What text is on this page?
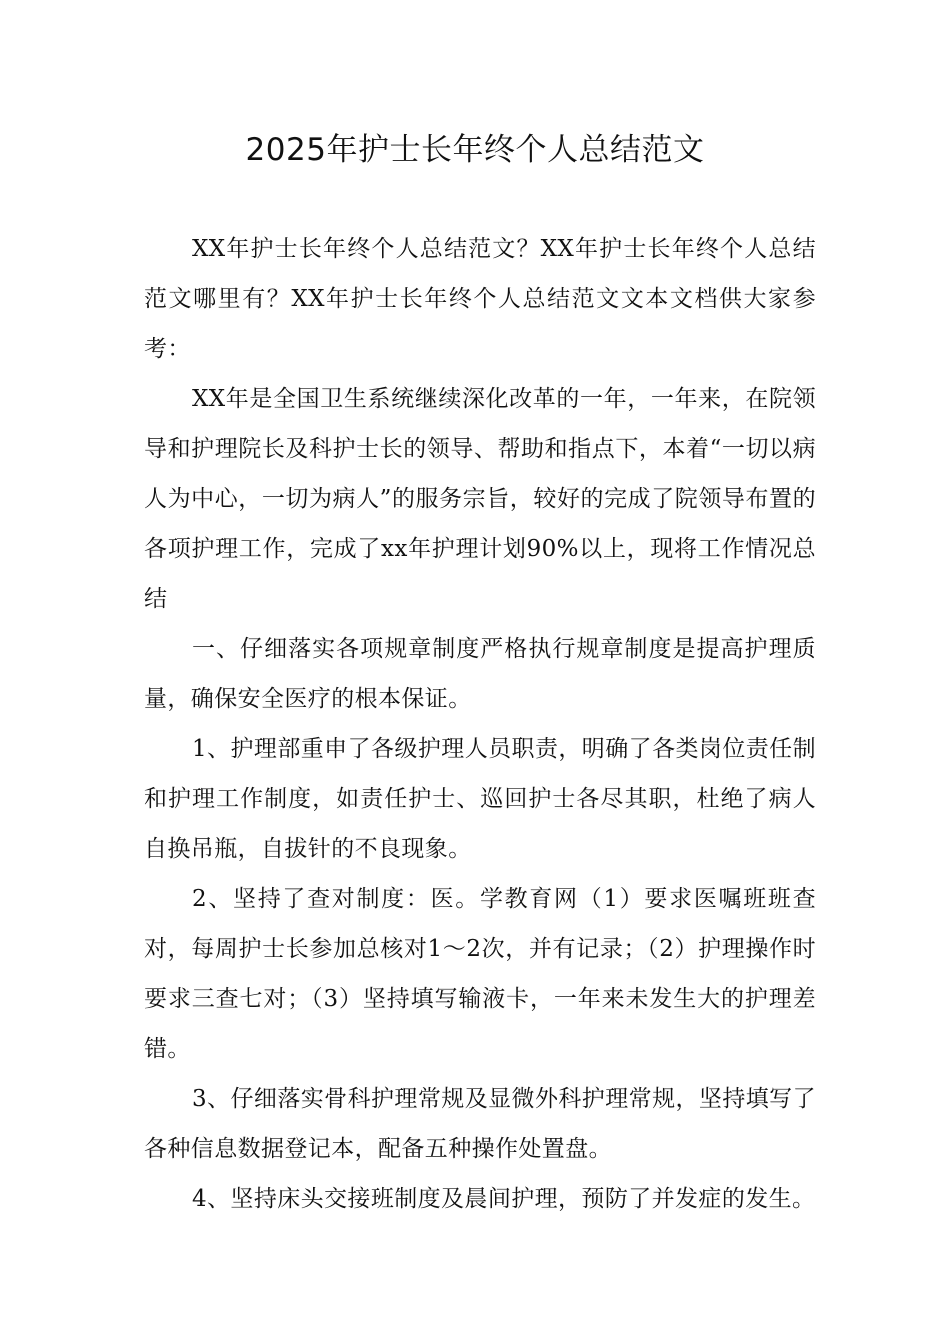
2025年护士长年终个人总结范文

XX年护士长年终个人总结范文？XX年护士长年终个人总结范文哪里有？XX年护士长年终个人总结范文文本文档供大家参考：

XX年是全国卫生系统继续深化改革的一年，一年来，在院领导和护理院长及科护士长的领导、帮助和指点下，本着“一切以病人为中心，一切为病人”的服务宗旨，较好的完成了院领导布置的各项护理工作，完成了xx年护理计划90%以上，现将工作情况总结

一、仔细落实各项规章制度严格执行规章制度是提高护理质量，确保安全医疗的根本保证。

1、护理部重申了各级护理人员职责，明确了各类岗位责任制和护理工作制度，如责任护士、巡回护士各尽其职，杜绝了病人自换吊瓶，自拔针的不良现象。

2、坚持了查对制度：医。学教育网（1）要求医嘱班班查对，每周护士长参加总核对1～2次，并有记录；（2）护理操作时要求三查七对；（3）坚持填写输液卡，一年来未发生大的护理差错。

3、仔细落实骨科护理常规及显微外科护理常规，坚持填写了各种信息数据登记本，配备五种操作处置盘。

4、坚持床头交接班制度及晨间护理，预防了并发症的发生。
